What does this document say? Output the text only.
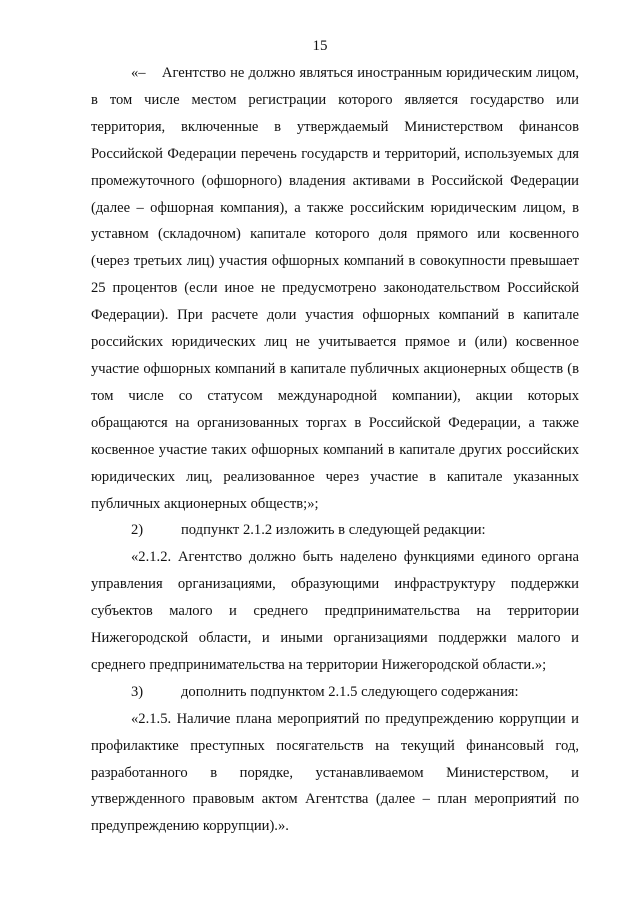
15

«–    Агентство не должно являться иностранным юридическим лицом, в том числе местом регистрации которого является государство или территория, включенные в утверждаемый Министерством финансов Российской Федерации перечень государств и территорий, используемых для промежуточного (офшорного) владения активами в Российской Федерации (далее – офшорная компания), а также российским юридическим лицом, в уставном (складочном) капитале которого доля прямого или косвенного (через третьих лиц) участия офшорных компаний в совокупности превышает 25 процентов (если иное не предусмотрено законодательством Российской Федерации). При расчете доли участия офшорных компаний в капитале российских юридических лиц не учитывается прямое и (или) косвенное участие офшорных компаний в капитале публичных акционерных обществ (в том числе со статусом международной компании), акции которых обращаются на организованных торгах в Российской Федерации, а также косвенное участие таких офшорных компаний в капитале других российских юридических лиц, реализованное через участие в капитале указанных публичных акционерных обществ;»;

2)	подпункт 2.1.2 изложить в следующей редакции:

«2.1.2. Агентство должно быть наделено функциями единого органа управления организациями, образующими инфраструктуру поддержки субъектов малого и среднего предпринимательства на территории Нижегородской области, и иными организациями поддержки малого и среднего предпринимательства на территории Нижегородской области.»;

3)	дополнить подпунктом 2.1.5 следующего содержания:

«2.1.5. Наличие плана мероприятий по предупреждению коррупции и профилактике преступных посягательств на текущий финансовый год, разработанного в порядке, устанавливаемом Министерством, и утвержденного правовым актом Агентства (далее – план мероприятий по предупреждению коррупции).».
